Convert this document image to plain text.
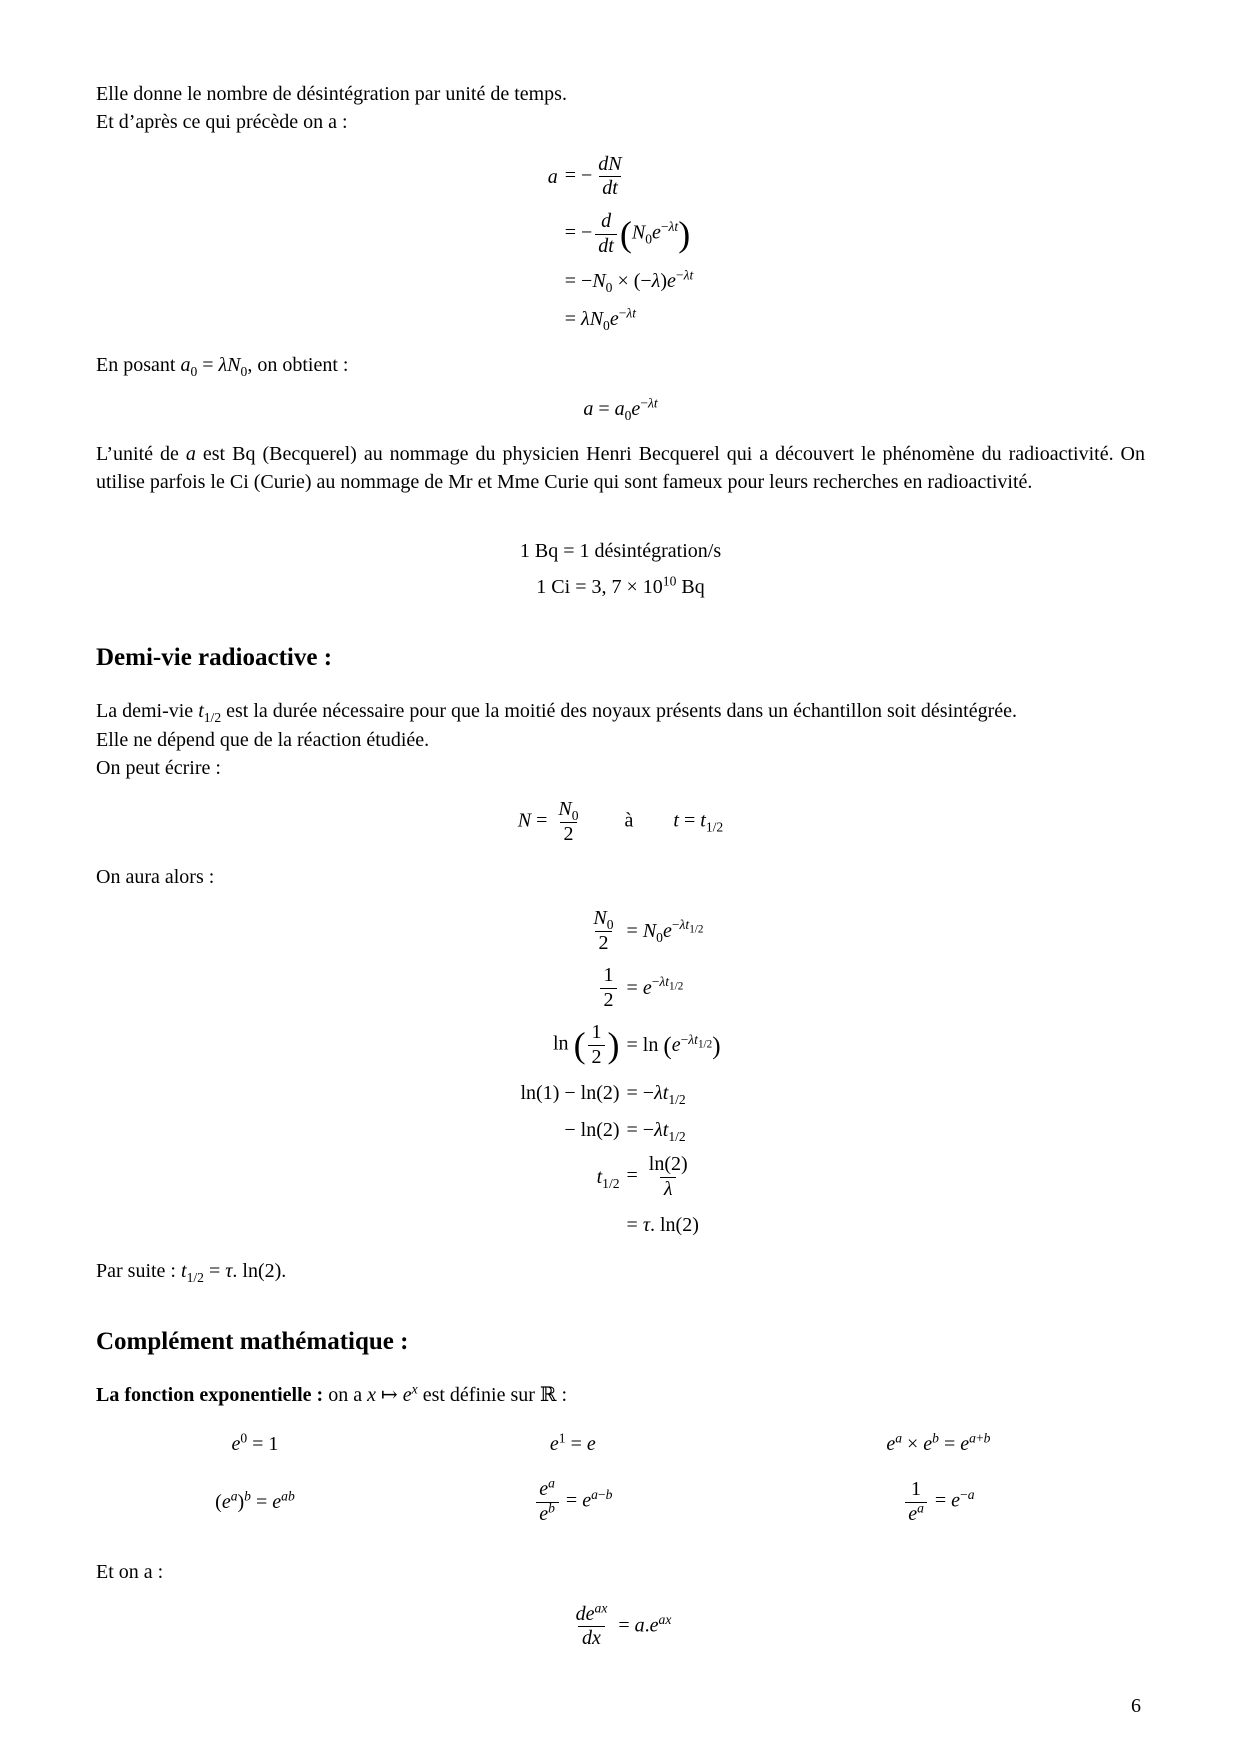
Elle donne le nombre de désintégration par unité de temps.

Et d’après ce qui précède on a :

a = − $\frac{dN}{dt}$
= − $\frac{d}{dt} (N_0e^{-\lambda t})$
= $-N_0 \times (-\lambda)e^{-\lambda t}$
= $\lambda N_0e^{-\lambda t}$

En posant $a_0 = \lambda N_0$, on obtient :

$a = a_0e^{-\lambda t}$

L’unité de a est Bq (Becquerel) au nommage du physicien Henri Becquerel qui a découvert le phénomène du radioactivité. On utilise parfois le Ci (Curie) au nommage de Mr et Mme Curie qui sont fameux pour leurs recherches en radioactivité.

1 Bq = 1 désintégration/s
1 Ci = 3, $7 \times 10^{10}$ Bq
Demi-vie radioactive :

La demi-vie $t_{1/2}$ est la durée nécessaire pour que la moitié des noyaux présents dans un échantillon soit désintégrée.

Elle ne dépend que de la réaction étudiée.

On peut écrire :

$N = \frac{N_0}{2}$   à  $t = t_{1/2}$

On aura alors :

$\frac{N_0}{2} = N_0e^{-\lambda t_{1/2}}$
$\frac{1}{2} = e^{-\lambda t_{1/2}}$
ln ( $\frac{1}{2}$ ) = $\ln (e^{-\lambda t_{1/2}})$
$\ln(1) - \ln(2) = -\lambda t_{1/2}$
− $\ln(2) = -\lambda t_{1/2}$
$t_{1/2} = \frac{\ln(2)}{\lambda}$
= τ. ln(2)

Par suite : $t_{1/2} = \tau$. ln(2).

Complément mathématique :

La fonction exponentielle : on a x ↦ $e^x$ est définie sur ℝ :

$e^0 = 1$	$e^1 = e$	$e^a \times e^b = e^{a+b}$
$(e^a)^b = e^{ab}$	$\frac{e^a}{e^b} = e^{a-b}$	$\frac{1}{e^a} = e^{-a}$

Et on a :

$\frac{de^{ax}}{dx} = a.e^{ax}$
6
